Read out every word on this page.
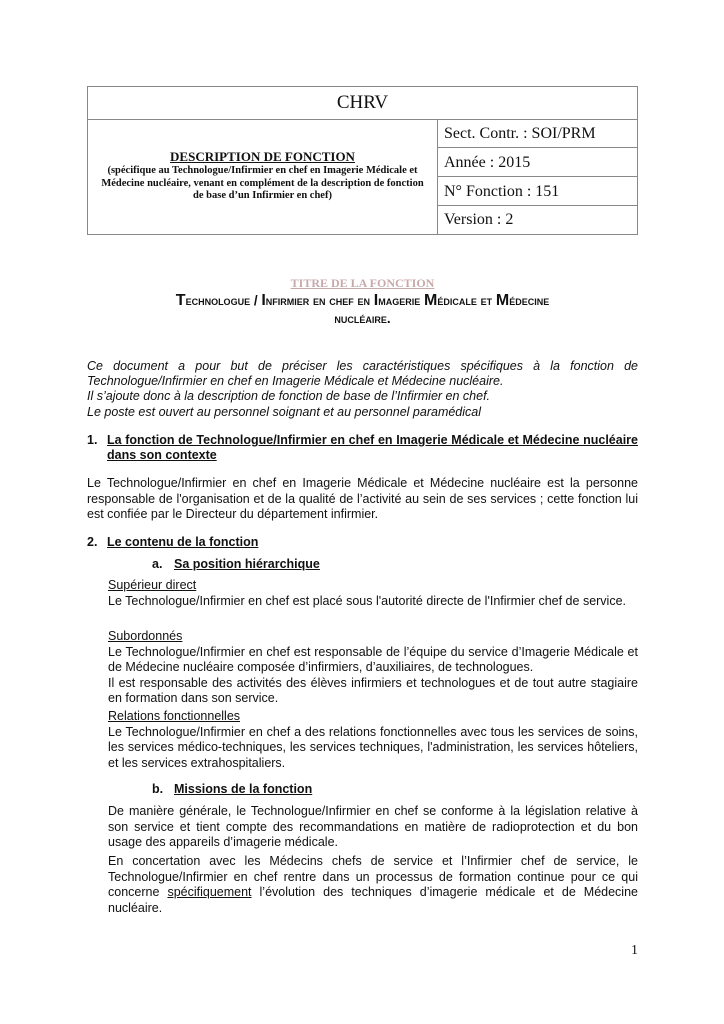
CHRV
DESCRIPTION DE FONCTION
(spécifique au Technologue/Infirmier en chef en Imagerie Médicale et Médecine nucléaire, venant en complément de la description de fonction de base d’un Infirmier en chef)
Sect. Contr. : SOI/PRM
Année : 2015
N° Fonction : 151
Version : 2
TITRE DE LA FONCTION
Technologue / Infirmier en chef en Imagerie Médicale et Médecine
nucléaire.

Ce document a pour but de préciser les caractéristiques spécifiques à la fonction de Technologue/Infirmier en chef en Imagerie Médicale et Médecine nucléaire.

Il s’ajoute donc à la description de fonction de base de l’Infirmier en chef.

Le poste est ouvert au personnel soignant et au personnel paramédical

1. La fonction de Technologue/Infirmier en chef en Imagerie Médicale et Médecine nucléaire dans son contexte
Le Technologue/Infirmier en chef en Imagerie Médicale et Médecine nucléaire est la personne responsable de l'organisation et de la qualité de l’activité au sein de ses services ; cette fonction lui est confiée par le Directeur du département infirmier.
2. Le contenu de la fonction
a. Sa position hiérarchique

Supérieur direct

Le Technologue/Infirmier en chef est placé sous l'autorité directe de l'Infirmier chef de service.

Subordonnés

Le Technologue/Infirmier en chef est responsable de l’équipe du service d’Imagerie Médicale et de Médecine nucléaire composée d’infirmiers, d’auxiliaires, de technologues.

Il est responsable des activités des élèves infirmiers et technologues et de tout autre stagiaire en formation dans son service.

Relations fonctionnelles

Le Technologue/Infirmier en chef a des relations fonctionnelles avec tous les services de soins, les services médico-techniques, les services techniques, l'administration, les services hôteliers, et les services extrahospitaliers.

b. Missions de la fonction
De manière générale, le Technologue/Infirmier en chef se conforme à la législation relative à son service et tient compte des recommandations en matière de radioprotection et du bon usage des appareils d’imagerie médicale.
En concertation avec les Médecins chefs de service et l’Infirmier chef de service, le Technologue/Infirmier en chef rentre dans un processus de formation continue pour ce qui concerne spécifiquement l’évolution des techniques d’imagerie médicale et de Médecine nucléaire.
1
